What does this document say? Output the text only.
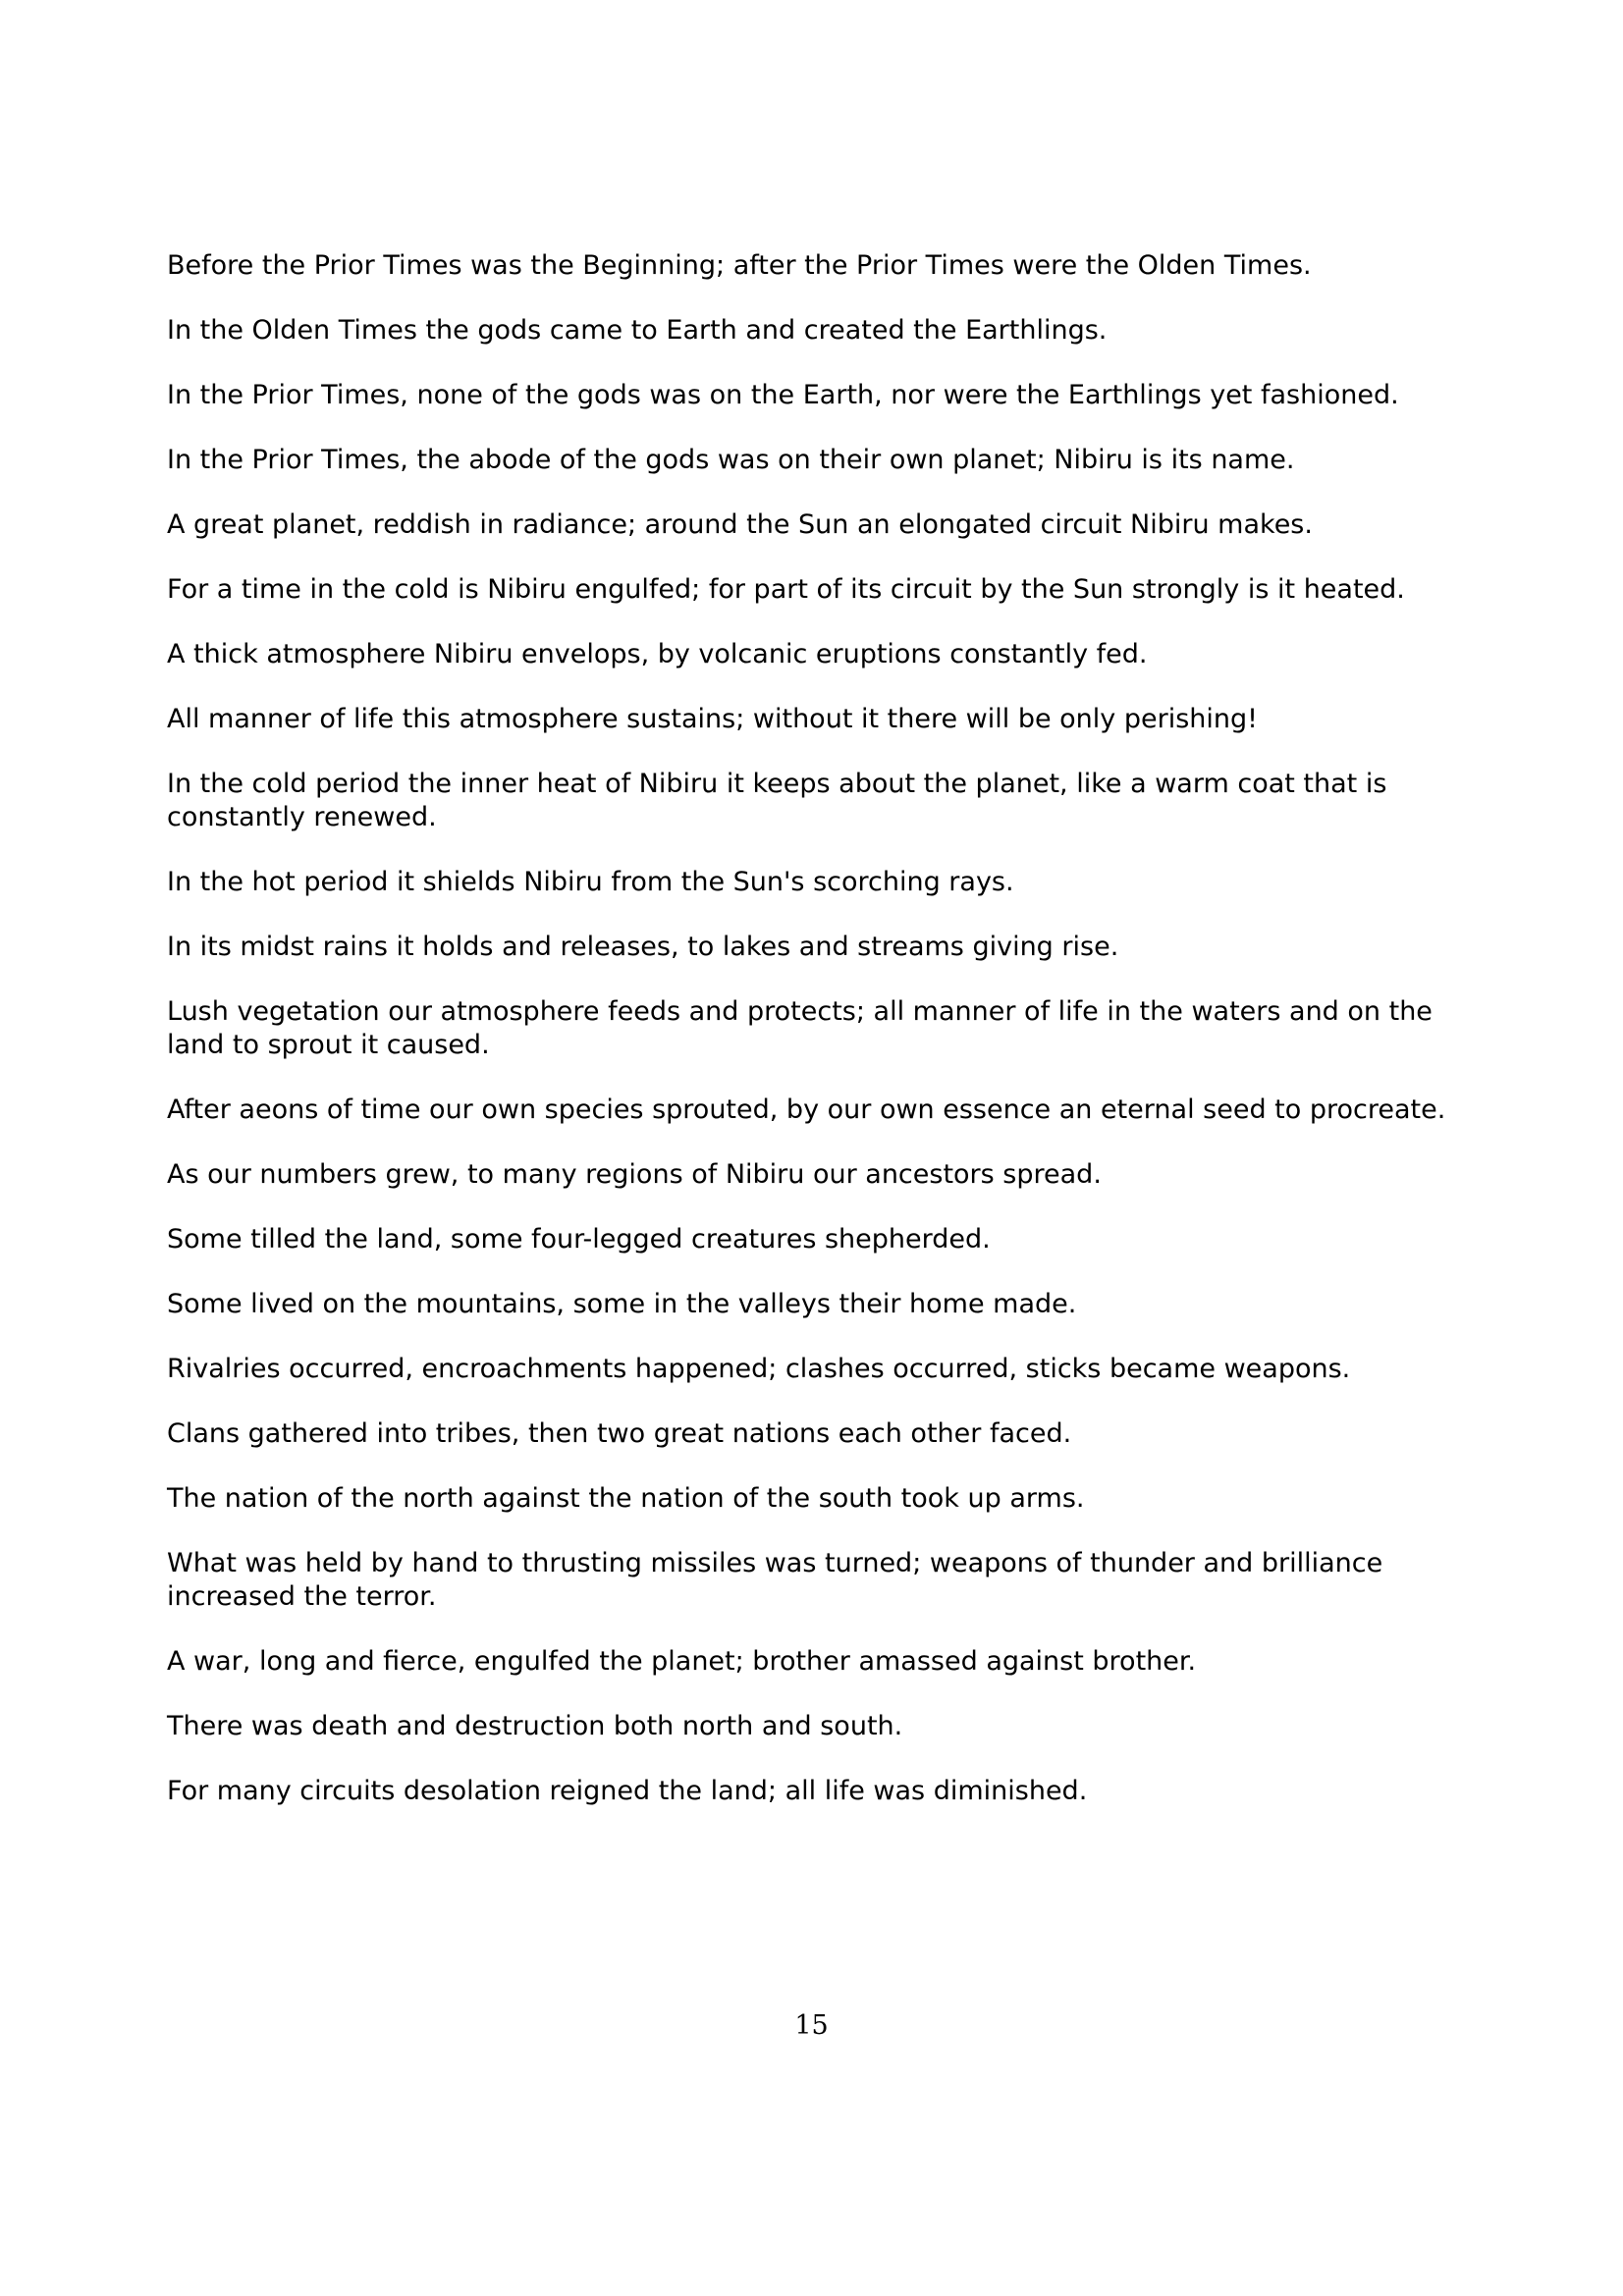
Before the Prior Times was the Beginning; after the Prior Times were the Olden Times.

In the Olden Times the gods came to Earth and created the Earthlings.

In the Prior Times, none of the gods was on the Earth, nor were the Earthlings yet fashioned.

In the Prior Times, the abode of the gods was on their own planet; Nibiru is its name.

A great planet, reddish in radiance; around the Sun an elongated circuit Nibiru makes.

For a time in the cold is Nibiru engulfed; for part of its circuit by the Sun strongly is it heated.

A thick atmosphere Nibiru envelops, by volcanic eruptions constantly fed.

All manner of life this atmosphere sustains; without it there will be only perishing!

In the cold period the inner heat of Nibiru it keeps about the planet, like a warm coat that is constantly renewed.

In the hot period it shields Nibiru from the Sun's scorching rays.

In its midst rains it holds and releases, to lakes and streams giving rise.

Lush vegetation our atmosphere feeds and protects; all manner of life in the waters and on the land to sprout it caused.

After aeons of time our own species sprouted, by our own essence an eternal seed to procreate.

As our numbers grew, to many regions of Nibiru our ancestors spread.

Some tilled the land, some four-legged creatures shepherded.

Some lived on the mountains, some in the valleys their home made.

Rivalries occurred, encroachments happened; clashes occurred, sticks became weapons.

Clans gathered into tribes, then two great nations each other faced.

The nation of the north against the nation of the south took up arms.

What was held by hand to thrusting missiles was turned; weapons of thunder and brilliance increased the terror.

A war, long and fierce, engulfed the planet; brother amassed against brother.

There was death and destruction both north and south.

For many circuits desolation reigned the land; all life was diminished.

15
